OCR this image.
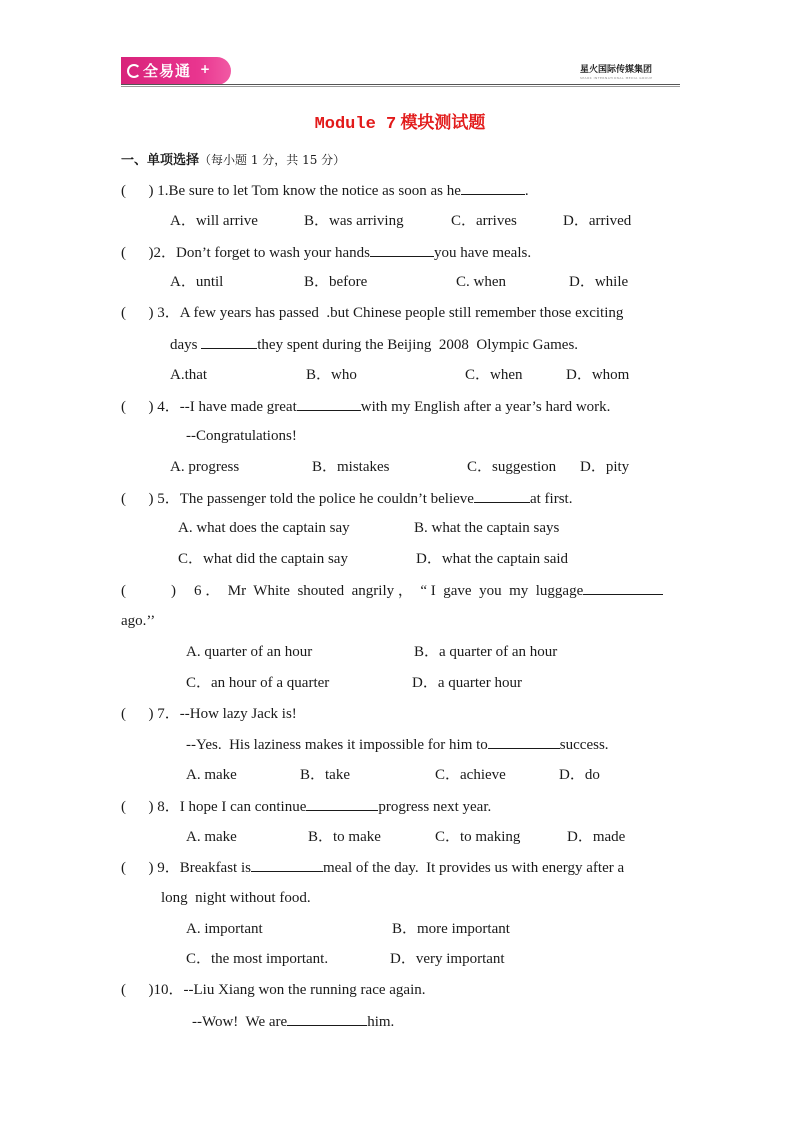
全易通 +	星火国际传媒集团
SPARK INTERNATIONAL MEDIA GROUP
Module 7 模块测试题
一、单项选择（每小题 1 分，共 15 分）
(      ) 1.Be sure to let Tom know the notice as soon as he	.
A．will arrive	B．was arriving	C．arrives	D．arrived
(      )2．Don’t forget to wash your hands	you have meals.
A．until	B．before	C. when	D．while
(      ) 3．A few years has passed  .but Chinese people still remember those exciting
days	they spent during the Beijing  2008  Olympic Games.
A.that	B．who	C．when	D．whom
(      ) 4．--I have made great	with my English after a year’s hard work.
--Congratulations!
A. progress	B．mistakes	C．suggestion D．pity
(      ) 5．The passenger told the police he couldn’t believe	at first.
A. what does the captain say	B. what the captain says
C．what did the captain say	D．what the captain said
(            ) 6 ．  Mr  White  shouted  angrily ，  “ I  gave  you  my  luggage
ago.’’
A. quarter of an hour	B．a quarter of an hour
C．an hour of a quarter	D．a quarter hour
(      ) 7．--How lazy Jack is!
--Yes.  His laziness makes it impossible for him to	success.
A. make	B．take	C．achieve	D．do
(      ) 8．I hope I can continue	progress next year.
A. make	B．to make	C．to making	D．made
(      ) 9．Breakfast is	meal of the day.  It provides us with energy after a
long  night without food.
A. important	B．more important
C．the most important.	D．very important
(      )10．--Liu Xiang won the running race again.
--Wow!  We are	him.
